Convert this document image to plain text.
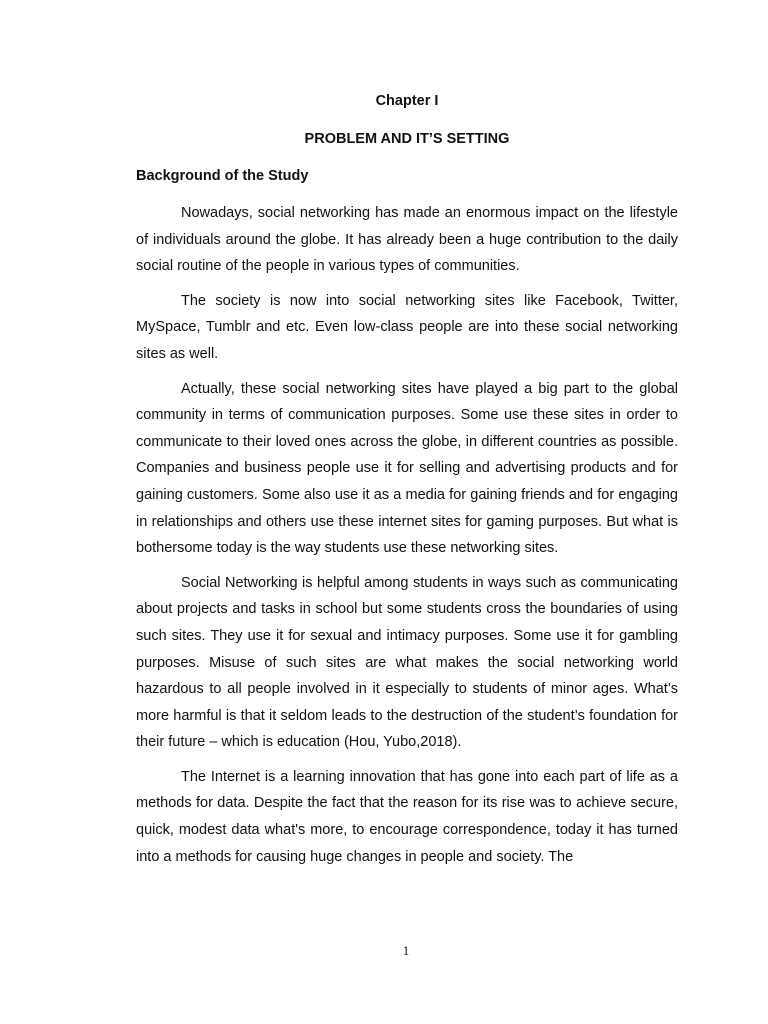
Chapter I
PROBLEM AND IT’S SETTING
Background of the Study

Nowadays, social networking has made an enormous impact on the lifestyle of individuals around the globe. It has already been a huge contribution to the daily social routine of the people in various types of communities.

The society is now into social networking sites like Facebook, Twitter, MySpace, Tumblr and etc. Even low-class people are into these social networking sites as well.

Actually, these social networking sites have played a big part to the global community in terms of communication purposes. Some use these sites in order to communicate to their loved ones across the globe, in different countries as possible. Companies and business people use it for selling and advertising products and for gaining customers. Some also use it as a media for gaining friends and for engaging in relationships and others use these internet sites for gaming purposes. But what is bothersome today is the way students use these networking sites.

Social Networking is helpful among students in ways such as communicating about projects and tasks in school but some students cross the boundaries of using such sites. They use it for sexual and intimacy purposes. Some use it for gambling purposes. Misuse of such sites are what makes the social networking world hazardous to all people involved in it especially to students of minor ages. What’s more harmful is that it seldom leads to the destruction of the student’s foundation for their future – which is education (Hou, Yubo,2018).

The Internet is a learning innovation that has gone into each part of life as a methods for data. Despite the fact that the reason for its rise was to achieve secure, quick, modest data what's more, to encourage correspondence, today it has turned into a methods for causing huge changes in people and society. The

1
